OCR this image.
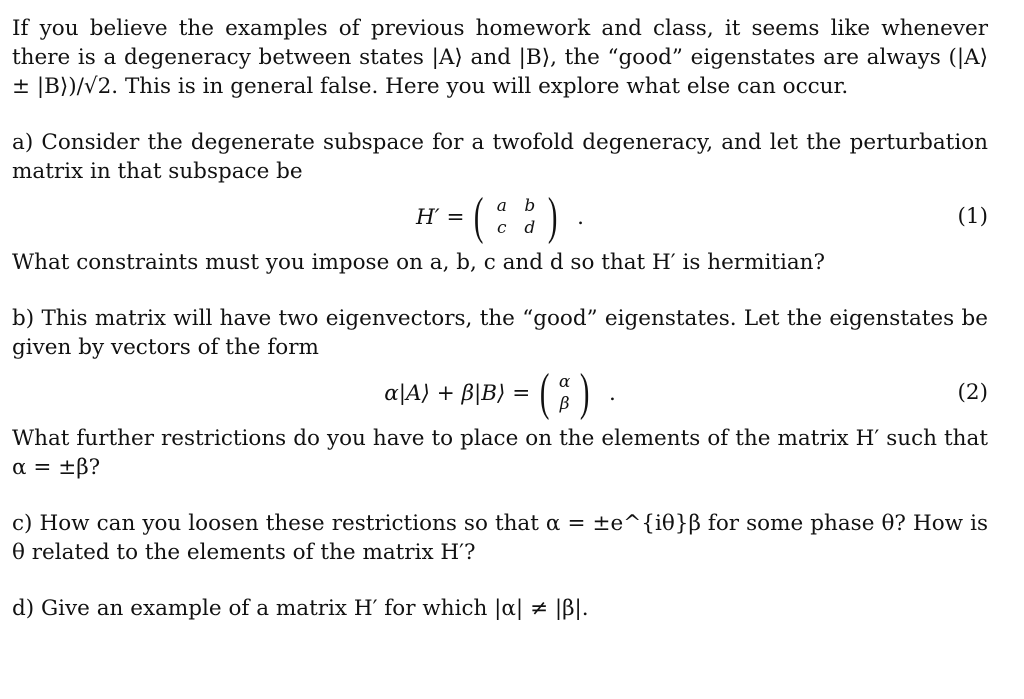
If you believe the examples of previous homework and class, it seems like whenever there is a degeneracy between states |A⟩ and |B⟩, the “good” eigenstates are always (|A⟩ ± |B⟩)/√2. This is in general false. Here you will explore what else can occur.

a) Consider the degenerate subspace for a twofold degeneracy, and let the perturbation matrix in that subspace be

H′ = ( a	b
c	d ) .	(1)

What constraints must you impose on a, b, c and d so that H′ is hermitian?

b) This matrix will have two eigenvectors, the “good” eigenstates. Let the eigenstates be given by vectors of the form

α|A⟩ + β|B⟩ = ( α
β ) .	(2)

What further restrictions do you have to place on the elements of the matrix H′ such that α = ±β?

c) How can you loosen these restrictions so that α = ±e^{iθ}β for some phase θ? How is θ related to the elements of the matrix H′?

d) Give an example of a matrix H′ for which |α| ≠ |β|.
